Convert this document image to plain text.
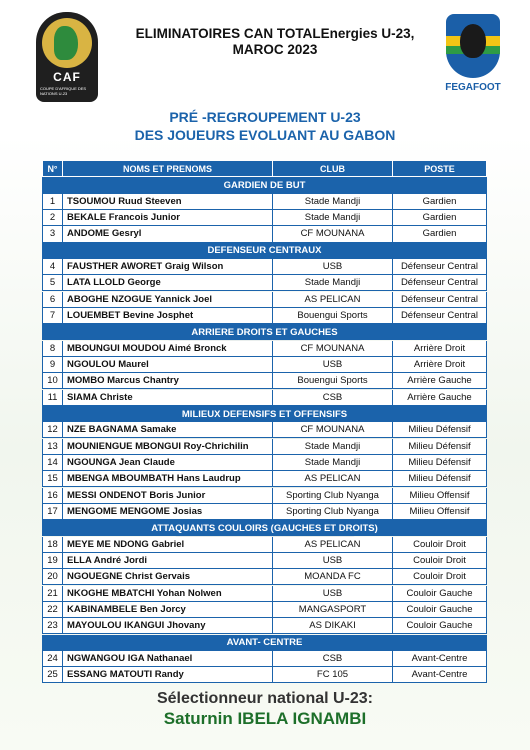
CAF
COUPE D'AFRIQUE DES NATIONS U-23
FEGAFOOT
ELIMINATOIRES CAN TOTALEnergies U-23,
MAROC 2023
PRÉ -REGROUPEMENT U-23
DES JOUEURS EVOLUANT AU GABON
N°	NOMS ET PRENOMS	CLUB	POSTE
GARDIEN DE BUT
1	TSOUMOU Ruud Steeven	Stade Mandji	Gardien
2	BEKALE Francois Junior	Stade Mandji	Gardien
3	ANDOME Gesryl	CF MOUNANA	Gardien
DEFENSEUR CENTRAUX
4	FAUSTHER AWORET Graig Wilson	USB	Défenseur Central
5	LATA LLOLD George	Stade Mandji	Défenseur Central
6	ABOGHE NZOGUE Yannick Joel	AS PELICAN	Défenseur Central
7	LOUEMBET Bevine Josphet	Bouengui Sports	Défenseur Central
ARRIERE DROITS ET GAUCHES
8	MBOUNGUI MOUDOU Aimé Bronck	CF MOUNANA	Arrière Droit
9	NGOULOU Maurel	USB	Arrière Droit
10 MOMBO Marcus Chantry	Bouengui Sports	Arrière Gauche
11	SIAMA Christe	CSB	Arrière Gauche
MILIEUX DEFENSIFS ET OFFENSIFS
12 NZE BAGNAMA Samake	CF MOUNANA	Milieu Défensif
13 MOUNIENGUE MBONGUI Roy-Chrichilin	Stade Mandji	Milieu Défensif
14 NGOUNGA Jean Claude	Stade Mandji	Milieu Défensif
15 MBENGA MBOUMBATH Hans Laudrup	AS PELICAN	Milieu Défensif
16 MESSI ONDENOT Boris Junior	Sporting Club Nyanga	Milieu Offensif
17 MENGOME MENGOME Josias	Sporting Club Nyanga	Milieu Offensif
ATTAQUANTS COULOIRS (GAUCHES ET DROITS)
18 MEYE ME NDONG Gabriel	AS PELICAN	Couloir Droit
19 ELLA André Jordi	USB	Couloir Droit
20 NGOUEGNE Christ Gervais	MOANDA FC	Couloir Droit
21 NKOGHE MBATCHI Yohan Nolwen	USB	Couloir Gauche
22 KABINAMBELE Ben Jorcy	MANGASPORT	Couloir Gauche
23 MAYOULOU IKANGUI Jhovany	AS DIKAKI	Couloir Gauche
AVANT- CENTRE
24 NGWANGOU IGA Nathanael	CSB	Avant-Centre
25 ESSANG MATOUTI Randy	FC 105	Avant-Centre
Sélectionneur national U-23:
Saturnin IBELA IGNAMBI
